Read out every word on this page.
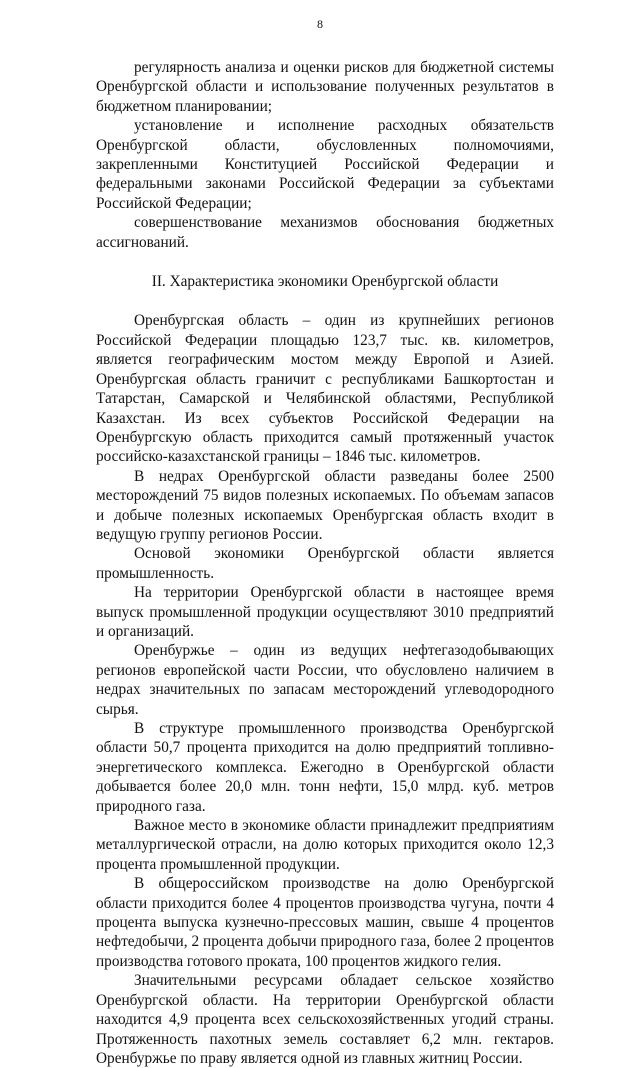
8

регулярность анализа и оценки рисков для бюджетной системы Оренбургской области и использование полученных результатов в бюджетном планировании;

установление и исполнение расходных обязательств Оренбургской области, обусловленных полномочиями, закрепленными Конституцией Российской Федерации и федеральными законами Российской Федерации за субъектами Российской Федерации;

совершенствование механизмов обоснования бюджетных ассигнований.

II. Характеристика экономики Оренбургской области

Оренбургская область – один из крупнейших регионов Российской Федерации площадью 123,7 тыс. кв. километров, является географическим мостом между Европой и Азией. Оренбургская область граничит с республиками Башкортостан и Татарстан, Самарской и Челябинской областями, Республикой Казахстан. Из всех субъектов Российской Федерации на Оренбургскую область приходится самый протяженный участок российско-казахстанской границы – 1846 тыс. километров.

В недрах Оренбургской области разведаны более 2500 месторождений 75 видов полезных ископаемых. По объемам запасов и добыче полезных ископаемых Оренбургская область входит в ведущую группу регионов России.

Основой экономики Оренбургской области является промышленность.

На территории Оренбургской области в настоящее время выпуск промышленной продукции осуществляют 3010 предприятий и организаций.

Оренбуржье – один из ведущих нефтегазодобывающих регионов европейской части России, что обусловлено наличием в недрах значительных по запасам месторождений углеводородного сырья.

В структуре промышленного производства Оренбургской области 50,7 процента приходится на долю предприятий топливно-энергетического комплекса. Ежегодно в Оренбургской области добывается более 20,0 млн. тонн нефти, 15,0 млрд. куб. метров природного газа.

Важное место в экономике области принадлежит предприятиям металлургической отрасли, на долю которых приходится около 12,3 процента промышленной продукции.

В общероссийском производстве на долю Оренбургской области приходится более 4 процентов производства чугуна, почти 4 процента выпуска кузнечно-прессовых машин, свыше 4 процентов нефтедобычи, 2 процента добычи природного газа, более 2 процентов производства готового проката, 100 процентов жидкого гелия.

Значительными ресурсами обладает сельское хозяйство Оренбургской области. На территории Оренбургской области находится 4,9 процента всех сельскохозяйственных угодий страны. Протяженность пахотных земель составляет 6,2 млн. гектаров. Оренбуржье по праву является одной из главных житниц России.
